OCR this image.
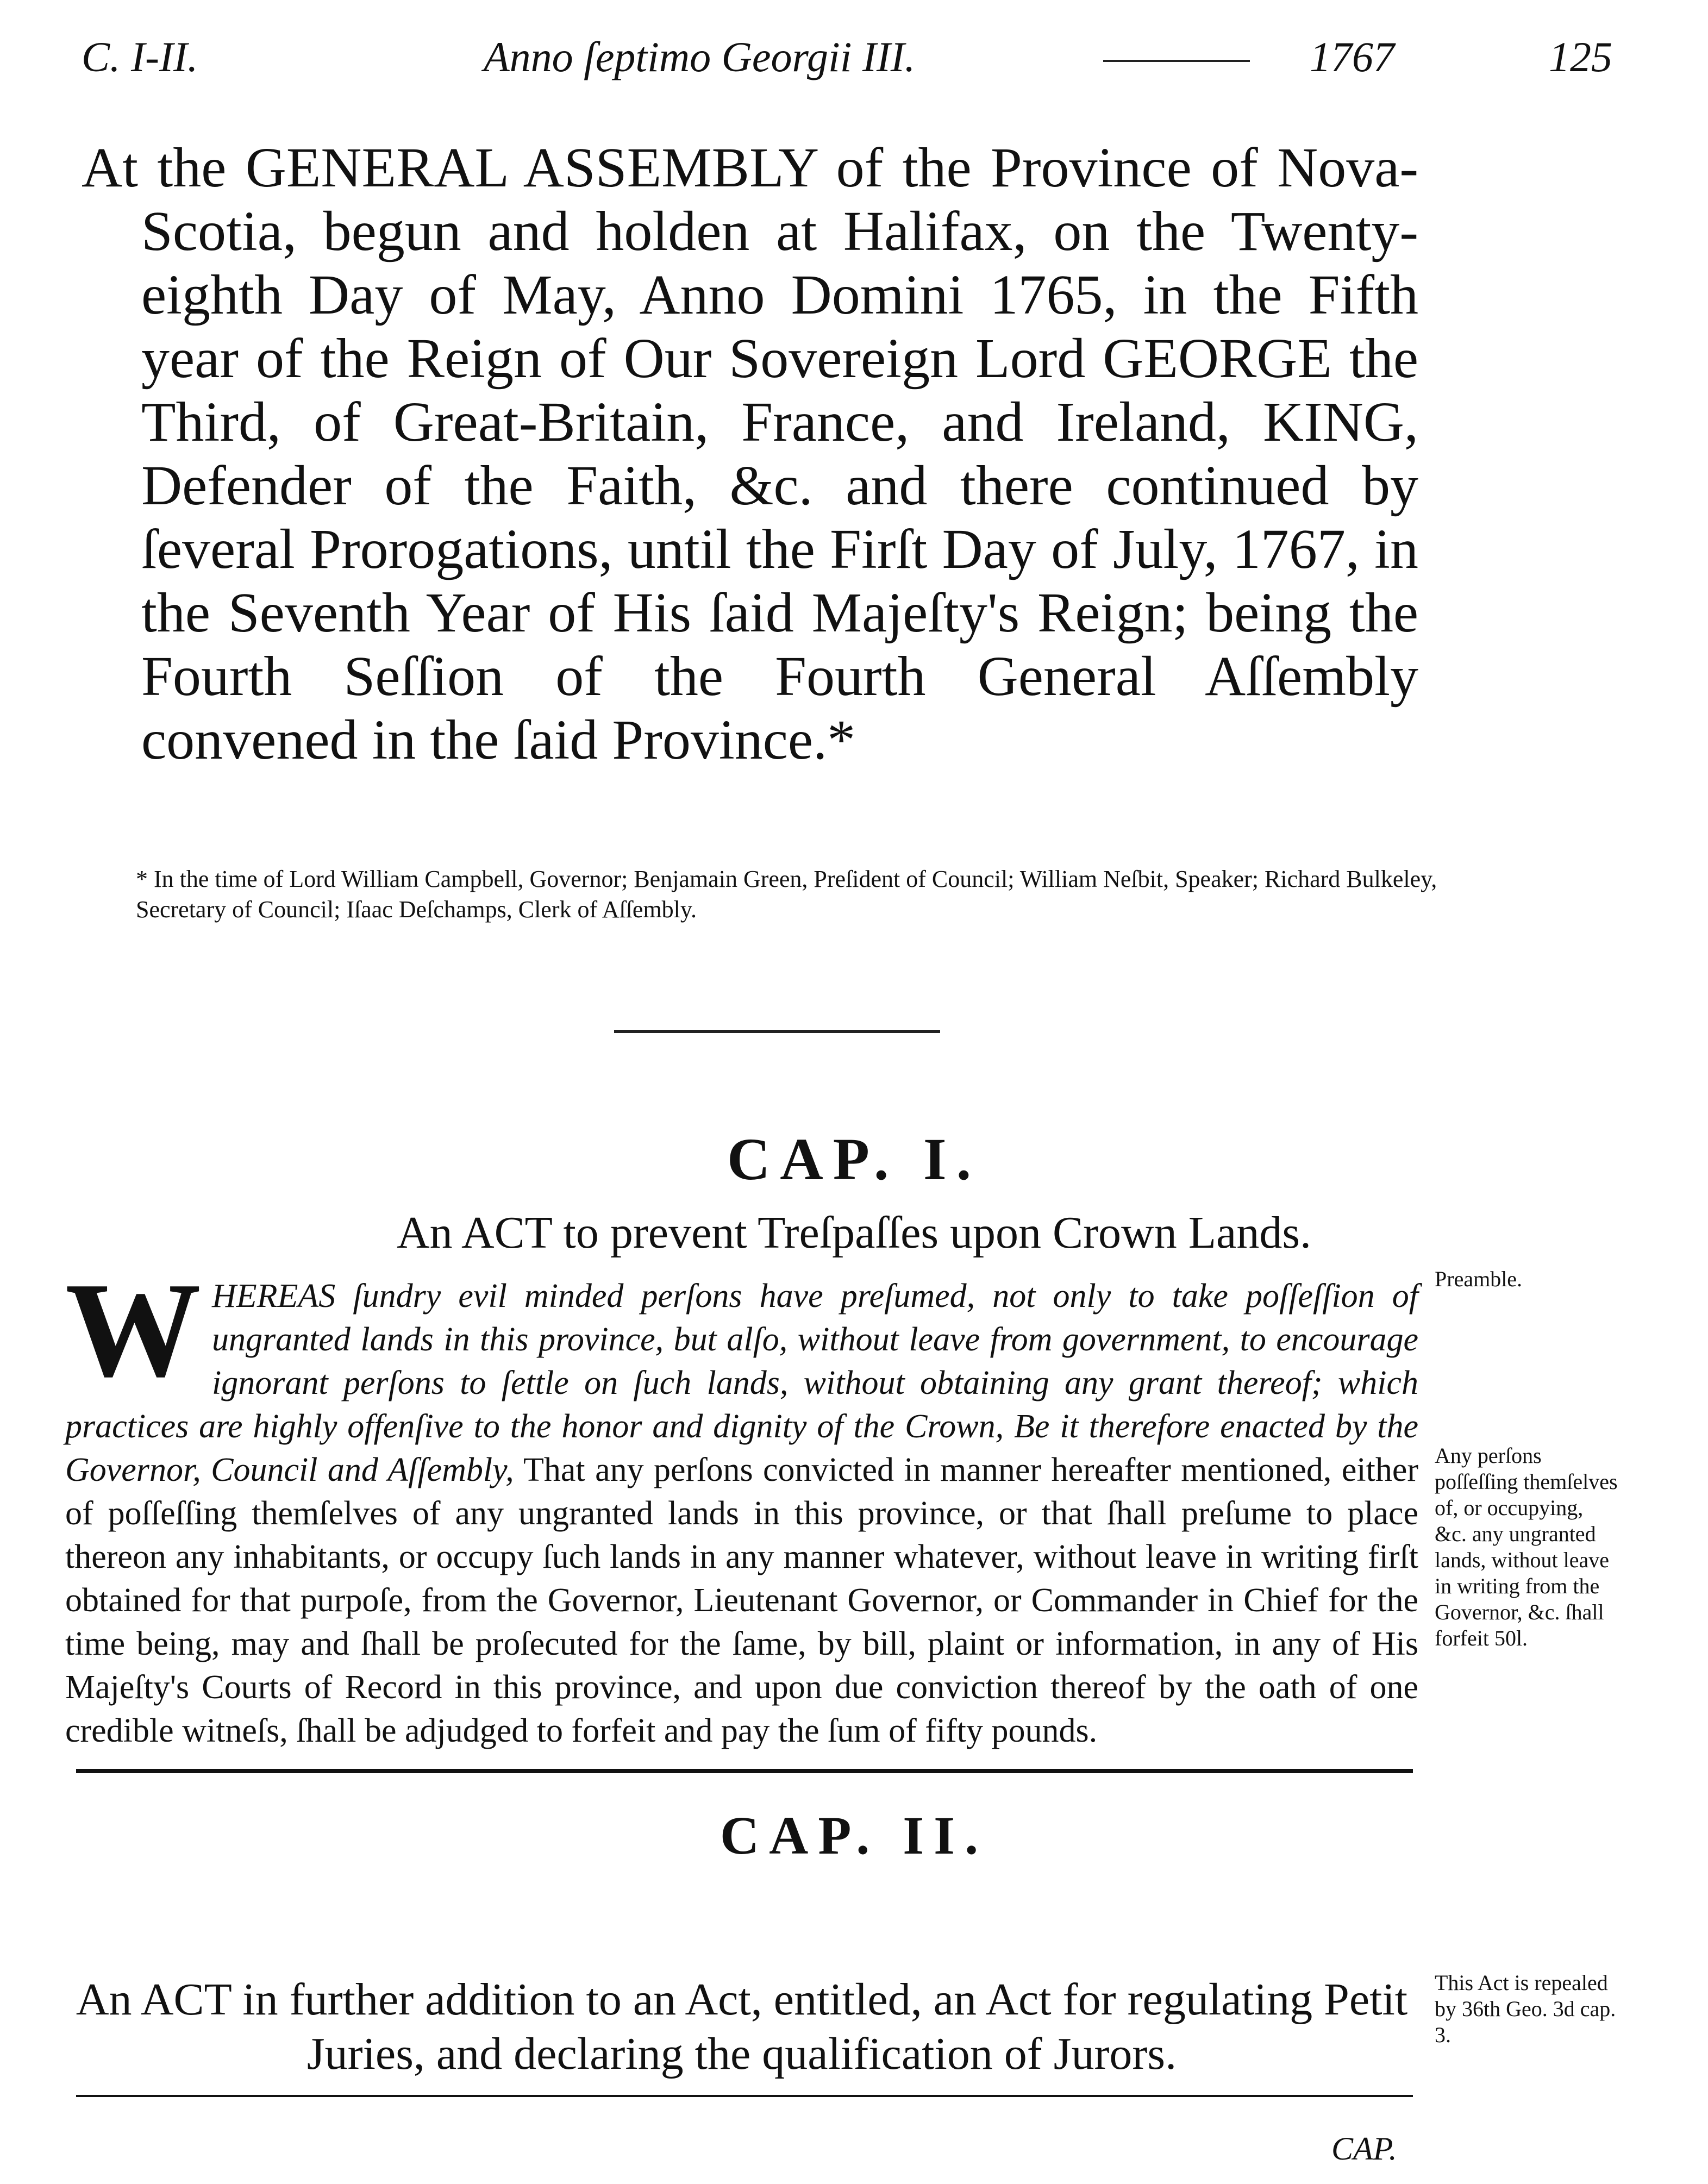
C. I-II.	Anno ſeptimo Georgii III.	1767	125

At the GENERAL ASSEMBLY of the Province of Nova-Scotia, begun and holden at Halifax, on the Twenty-eighth Day of May, Anno Domini 1765, in the Fifth year of the Reign of Our Sovereign Lord GEORGE the Third, of Great-Britain, France, and Ireland, KING, Defender of the Faith, &c. and there continued by ſeveral Prorogations, until the Firſt Day of July, 1767, in the Seventh Year of His ſaid Majeſty's Reign; being the Fourth Seſſion of the Fourth General Aſſembly convened in the ſaid Province.*

* In the time of Lord William Campbell, Governor; Benjamain Green, Preſident of Council; William Neſbit, Speaker; Richard Bulkeley, Secretary of Council; Iſaac Deſchamps, Clerk of Aſſembly.
CAP. I.
An ACT to prevent Treſpaſſes upon Crown Lands.
W HEREAS ſundry evil minded perſons have preſumed, not only to take poſſeſſion of ungranted lands in this province, but alſo, without leave from government, to encourage ignorant perſons to ſettle on ſuch lands, without obtaining any grant thereof; which practices are highly offenſive to the honor and dignity of the Crown, Be it therefore enacted by the Governor, Council and Aſſembly, That any perſons convicted in manner hereafter mentioned, either of poſſeſſing themſelves of any ungranted lands in this province, or that ſhall preſume to place thereon any inhabitants, or occupy ſuch lands in any manner whatever, without leave in writing firſt obtained for that purpoſe, from the Governor, Lieutenant Governor, or Commander in Chief for the time being, may and ſhall be proſecuted for the ſame, by bill, plaint or information, in any of His Majeſty's Courts of Record in this province, and upon due conviction thereof by the oath of one credible witneſs, ſhall be adjudged to forfeit and pay the ſum of fifty pounds.
Preamble.
Any perſons poſſeſſing themſelves of, or occupying, &c. any ungranted lands, without leave in writing from the Governor, &c. ſhall forfeit 50l.
CAP. II.
An ACT in further addition to an Act, entitled, an Act for regulating Petit Juries, and declaring the qualification of Jurors.
This Act is repealed by 36th Geo. 3d cap. 3.
CAP.
